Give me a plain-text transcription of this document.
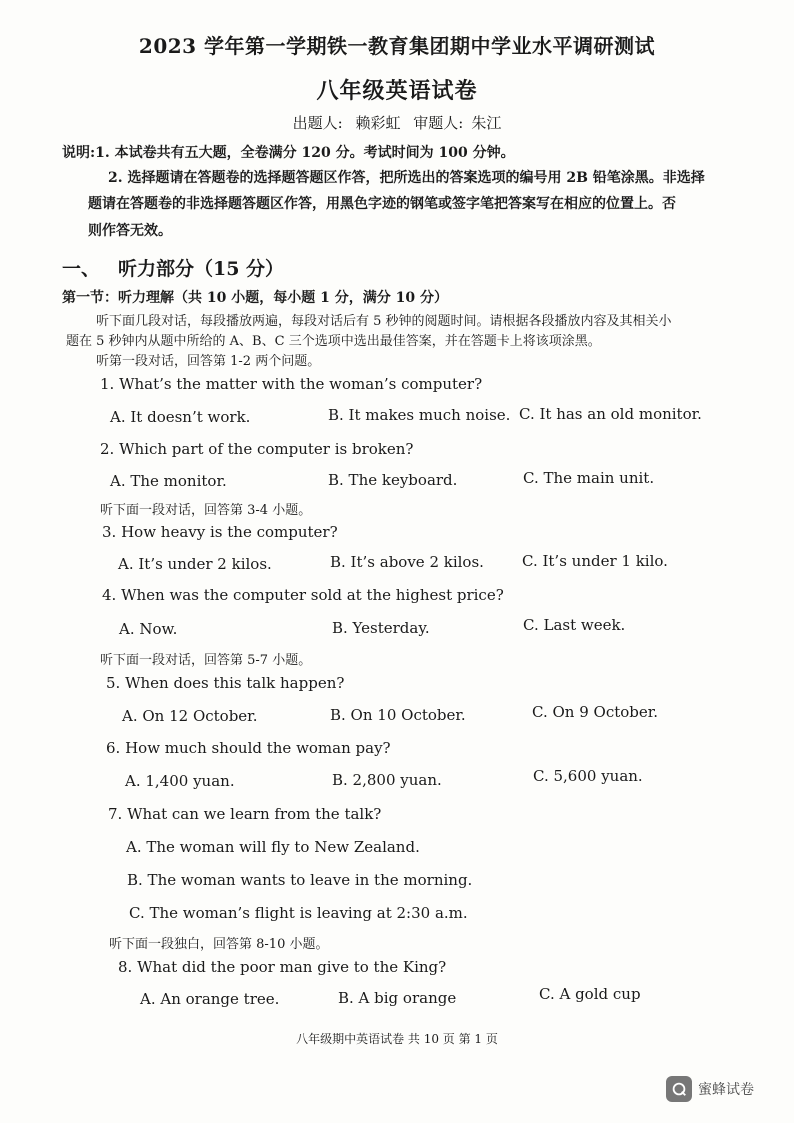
2023 学年第一学期铁一教育集团期中学业水平调研测试
八年级英语试卷
出题人: 赖彩虹 审题人: 朱江
说明:1. 本试卷共有五大题，全卷满分 120 分。考试时间为 100 分钟。
2. 选择题请在答题卷的选择题答题区作答，把所选出的答案选项的编号用 2B 铅笔涂黑。非选择
题请在答题卷的非选择题答题区作答，用黑色字迹的钢笔或签字笔把答案写在相应的位置上。否
则作答无效。
一、 听力部分（15 分）
第一节：听力理解（共 10 小题，每小题 1 分，满分 10 分）
听下面几段对话，每段播放两遍，每段对话后有 5 秒钟的阅题时间。请根据各段播放内容及其相关小
题在 5 秒钟内从题中所给的 A、B、C 三个选项中选出最佳答案，并在答题卡上将该项涂黑。
听第一段对话，回答第 1-2 两个问题。
1. What’s the matter with the woman’s computer?
A. It doesn’t work.	B. It makes much noise. C. It has an old monitor.
2. Which part of the computer is broken?
A. The monitor.	B. The keyboard.	C. The main unit.
听下面一段对话，回答第 3-4 小题。
3. How heavy is the computer?
A. It’s under 2 kilos.	B. It’s above 2 kilos.	C. It’s under 1 kilo.
4. When was the computer sold at the highest price?
A. Now.	B. Yesterday.	C. Last week.
听下面一段对话，回答第 5-7 小题。
5. When does this talk happen?
A. On 12 October.	B. On 10 October.	C. On 9 October.
6. How much should the woman pay?
A. 1,400 yuan.	B. 2,800 yuan.	C. 5,600 yuan.
7. What can we learn from the talk?
A. The woman will fly to New Zealand.
B. The woman wants to leave in the morning.
C. The woman’s flight is leaving at 2:30 a.m.
听下面一段独白，回答第 8-10 小题。
8. What did the poor man give to the King?
A. An orange tree.	B. A big orange	C. A gold cup
八年级期中英语试卷 共 10 页 第 1 页
蜜蜂试卷
